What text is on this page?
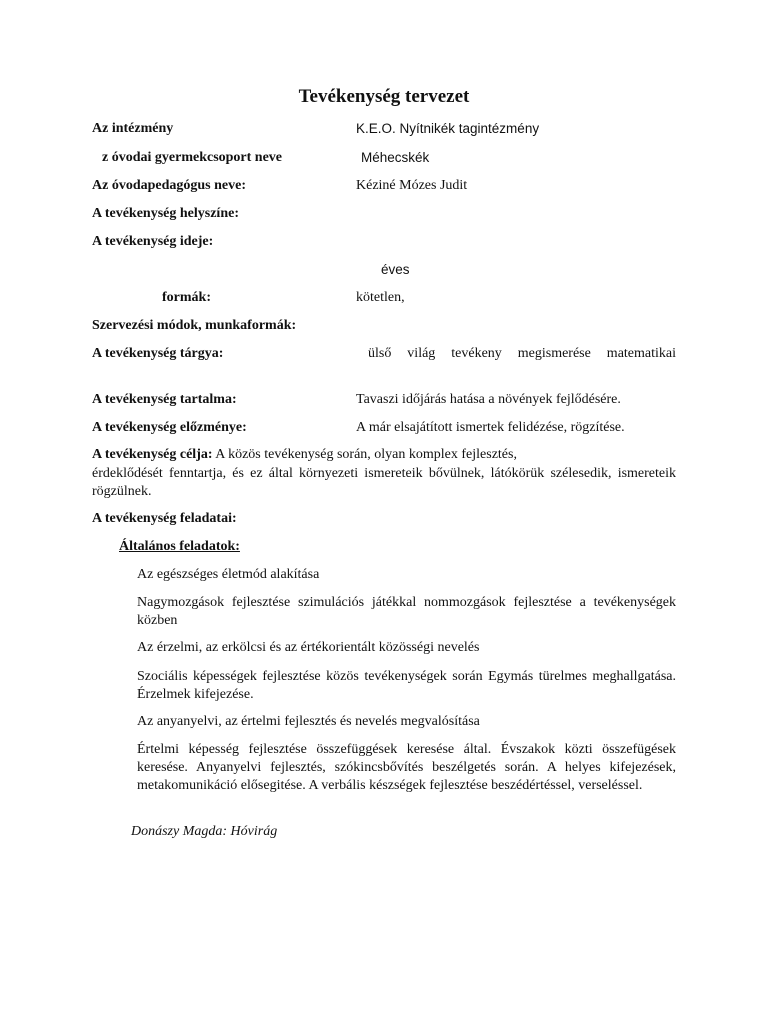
Tevékenység tervezet
Az intézmény	K.E.O. Nyítnikék tagintézmény
z óvodai gyermekcsoport neve	Méhecskék
Az óvodapedagógus neve:	Kéziné Mózes Judit
A tevékenység helyszíne:
A tevékenység ideje:
éves
formák:	kötetlen,
Szervezési módok, munkaformák:
A tevékenység tárgya:	ülső világ tevékeny megismerése matematikai
A tevékenység tartalma:	Tavaszi időjárás hatása a növények fejlődésére.
A tevékenység előzménye:	A már elsajátított ismertek felidézése, rögzítése.
A tevékenység célja: A közös tevékenység során, olyan komplex fejlesztés,
érdeklődését fenntartja, és ez által környezeti ismereteik bővülnek, látókörük szélesedik, ismereteik rögzülnek.
A tevékenység feladatai:
Általános feladatok:
Az egészséges életmód alakítása
Nagymozgások fejlesztése szimulációs játékkal nommozgások fejlesztése a tevékenységek közben
Az érzelmi, az erkölcsi és az értékorientált közösségi nevelés
Szociális képességek fejlesztése közös tevékenységek során Egymás türelmes meghallgatása. Érzelmek kifejezése.
Az anyanyelvi, az értelmi fejlesztés és nevelés megvalósítása
Értelmi képesség fejlesztése összefüggések keresése által. Évszakok közti összefügések keresése. Anyanyelvi fejlesztés, szókincsbővítés beszélgetés során. A helyes kifejezések, metakomunikáció elősegitése. A verbális készségek fejlesztése beszédértéssel, verseléssel.
Donászy Magda: Hóvirág
